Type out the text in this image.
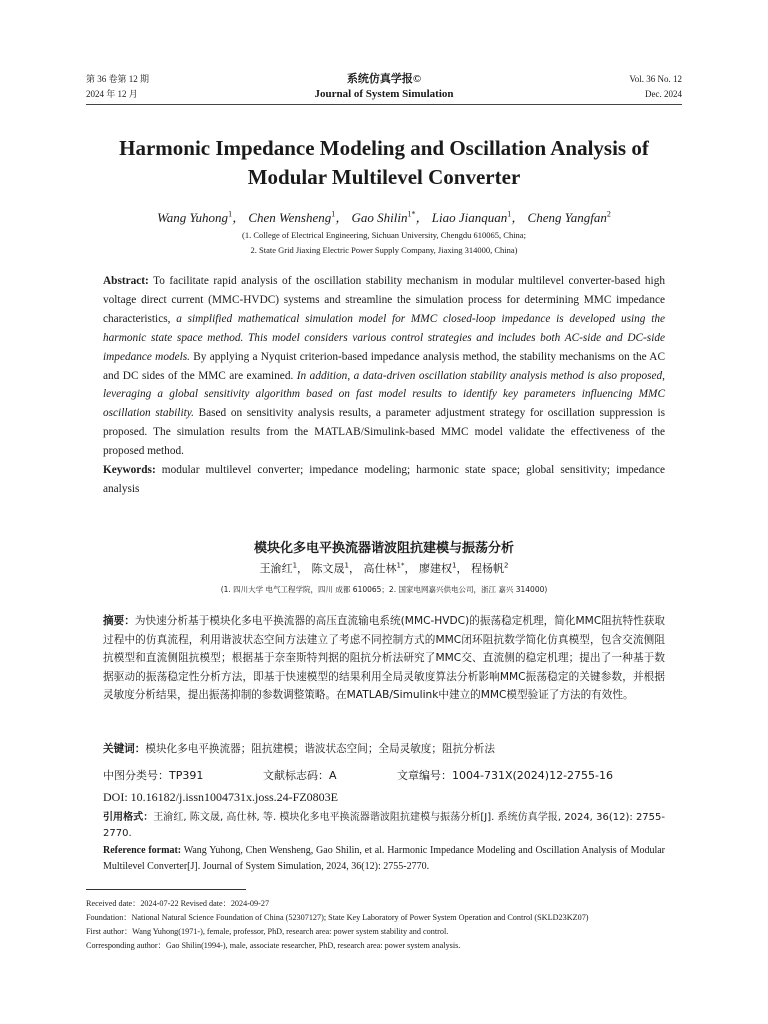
第 36 卷第 12 期
2024 年 12 月
系统仿真学报©
Journal of System Simulation
Vol. 36 No. 12
Dec. 2024
Harmonic Impedance Modeling and Oscillation Analysis of Modular Multilevel Converter
Wang Yuhong$^1$， Chen Wensheng$^1$， Gao Shilin$^{1*}$， Liao Jianquan$^1$， Cheng Yangfan$^2$
(1. College of Electrical Engineering, Sichuan University, Chengdu 610065, China;
2. State Grid Jiaxing Electric Power Supply Company, Jiaxing 314000, China)
Abstract: To facilitate rapid analysis of the oscillation stability mechanism in modular multilevel converter-based high voltage direct current (MMC-HVDC) systems and streamline the simulation process for determining MMC impedance characteristics, a simplified mathematical simulation model for MMC closed-loop impedance is developed using the harmonic state space method. This model considers various control strategies and includes both AC-side and DC-side impedance models. By applying a Nyquist criterion-based impedance analysis method, the stability mechanisms on the AC and DC sides of the MMC are examined. In addition, a data-driven oscillation stability analysis method is also proposed, leveraging a global sensitivity algorithm based on fast model results to identify key parameters influencing MMC oscillation stability. Based on sensitivity analysis results, a parameter adjustment strategy for oscillation suppression is proposed. The simulation results from the MATLAB/Simulink-based MMC model validate the effectiveness of the proposed method.
Keywords: modular multilevel converter; impedance modeling; harmonic state space; global sensitivity; impedance analysis
模块化多电平换流器谐波阻抗建模与振荡分析
王渝红$^1$， 陈文晟$^1$， 高仕林$^{1*}$， 廖建权$^1$， 程杨帆$^2$
(1. 四川大学 电气工程学院，四川 成都 610065；2. 国家电网嘉兴供电公司，浙江 嘉兴 314000)
摘要：为快速分析基于模块化多电平换流器的高压直流输电系统(MMC-HVDC)的振荡稳定机理，简化MMC阻抗特性获取过程中的仿真流程，利用谐波状态空间方法建立了考虑不同控制方式的MMC闭环阻抗数学简化仿真模型，包含交流侧阻抗模型和直流侧阻抗模型；根据基于奈奎斯特判据的阻抗分析法研究了MMC交、直流侧的稳定机理；提出了一种基于数据驱动的振荡稳定性分析方法，即基于快速模型的结果利用全局灵敏度算法分析影响MMC振荡稳定的关键参数，并根据灵敏度分析结果，提出振荡抑制的参数调整策略。在MATLAB/Simulink中建立的MMC模型验证了方法的有效性。
关键词：模块化多电平换流器；阻抗建模；谐波状态空间；全局灵敏度；阻抗分析法
中图分类号：TP391	文献标志码：A	文章编号：1004-731X(2024)12-2755-16
DOI: 10.16182/j.issn1004731x.joss.24-FZ0803E
引用格式：王渝红, 陈文晟, 高仕林, 等. 模块化多电平换流器谐波阻抗建模与振荡分析[J]. 系统仿真学报, 2024, 36(12): 2755-2770.
Reference format: Wang Yuhong, Chen Wensheng, Gao Shilin, et al. Harmonic Impedance Modeling and Oscillation Analysis of Modular Multilevel Converter[J]. Journal of System Simulation, 2024, 36(12): 2755-2770.
Received date：2024-07-22 Revised date：2024-09-27
Foundation：National Natural Science Foundation of China (52307127); State Key Laboratory of Power System Operation and Control (SKLD23KZ07)
First author：Wang Yuhong(1971-), female, professor, PhD, research area: power system stability and control.
Corresponding author：Gao Shilin(1994-), male, associate researcher, PhD, research area: power system analysis.
